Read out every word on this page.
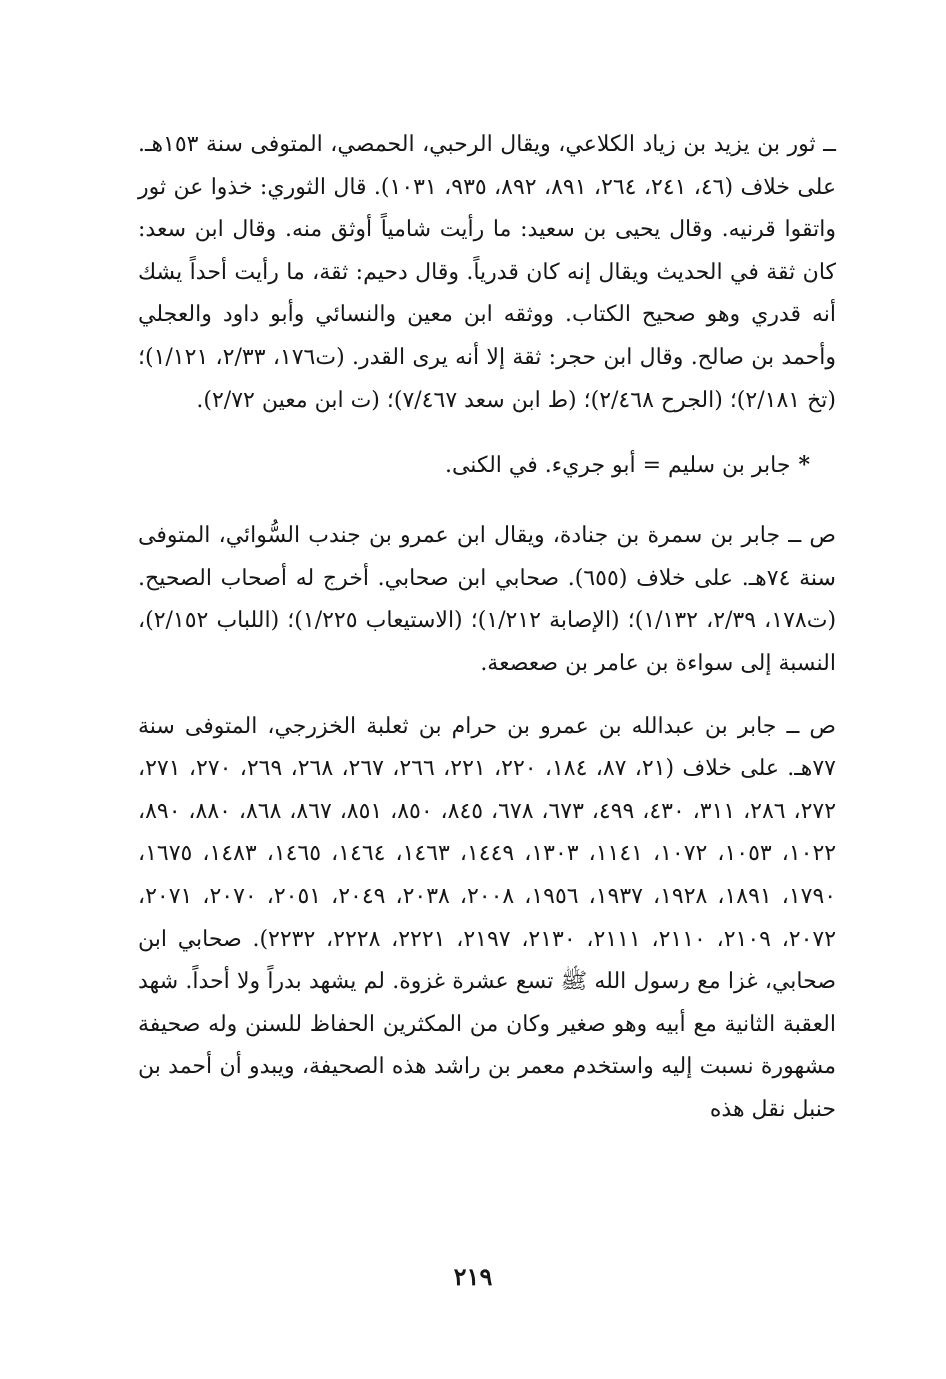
ــ ثور بن يزيد بن زياد الكلاعي، ويقال الرحبي، الحمصي، المتوفى سنة ١٥٣هـ. على خلاف (٤٦، ٢٤١، ٢٦٤، ٨٩١، ٨٩٢، ٩٣٥، ١٠٣١). قال الثوري: خذوا عن ثور واتقوا قرنيه. وقال يحيى بن سعيد: ما رأيت شامياً أوثق منه. وقال ابن سعد: كان ثقة في الحديث ويقال إنه كان قدرياً. وقال دحيم: ثقة، ما رأيت أحداً يشك أنه قدري وهو صحيح الكتاب. ووثقه ابن معين والنسائي وأبو داود والعجلي وأحمد بن صالح. وقال ابن حجر: ثقة إلا أنه يرى القدر. (ت١٧٦، ٢/٣٣، ١/١٢١)؛ (تخ ٢/١٨١)؛ (الجرح ٢/٤٦٨)؛ (ط ابن سعد ٧/٤٦٧)؛ (ت ابن معين ٢/٧٢).

*جابر بن سليم = أبو جريء. في الكنى.

ص ــ جابر بن سمرة بن جنادة، ويقال ابن عمرو بن جندب السُّوائي، المتوفى سنة ٧٤هـ. على خلاف (٦٥٥). صحابي ابن صحابي. أخرج له أصحاب الصحيح. (ت١٧٨، ٢/٣٩، ١/١٣٢)؛ (الإصابة ١/٢١٢)؛ (الاستيعاب ١/٢٢٥)؛ (اللباب ٢/١٥٢)، النسبة إلى سواءة بن عامر بن صعصعة.

ص ــ جابر بن عبدالله بن عمرو بن حرام بن ثعلبة الخزرجي، المتوفى سنة ٧٧هـ. على خلاف (٢١، ٨٧، ١٨٤، ٢٢٠، ٢٢١، ٢٦٦، ٢٦٧، ٢٦٨، ٢٦٩، ٢٧٠، ٢٧١، ٢٧٢، ٢٨٦، ٣١١، ٤٣٠، ٤٩٩، ٦٧٣، ٦٧٨، ٨٤٥، ٨٥٠، ٨٥١، ٨٦٧، ٨٦٨، ٨٨٠، ٨٩٠، ١٠٢٢، ١٠٥٣، ١٠٧٢، ١١٤١، ١٣٠٣، ١٤٤٩، ١٤٦٣، ١٤٦٤، ١٤٦٥، ١٤٨٣، ١٦٧٥، ١٧٩٠، ١٨٩١، ١٩٢٨، ١٩٣٧، ١٩٥٦، ٢٠٠٨، ٢٠٣٨، ٢٠٤٩، ٢٠٥١، ٢٠٧٠، ٢٠٧١، ٢٠٧٢، ٢١٠٩، ٢١١٠، ٢١١١، ٢١٣٠، ٢١٩٧، ٢٢٢١، ٢٢٢٨، ٢٢٣٢). صحابي ابن صحابي، غزا مع رسول الله ﷺ تسع عشرة غزوة. لم يشهد بدراً ولا أحداً. شهد العقبة الثانية مع أبيه وهو صغير وكان من المكثرين الحفاظ للسنن وله صحيفة مشهورة نسبت إليه واستخدم معمر بن راشد هذه الصحيفة، ويبدو أن أحمد بن حنبل نقل هذه

٢١٩
